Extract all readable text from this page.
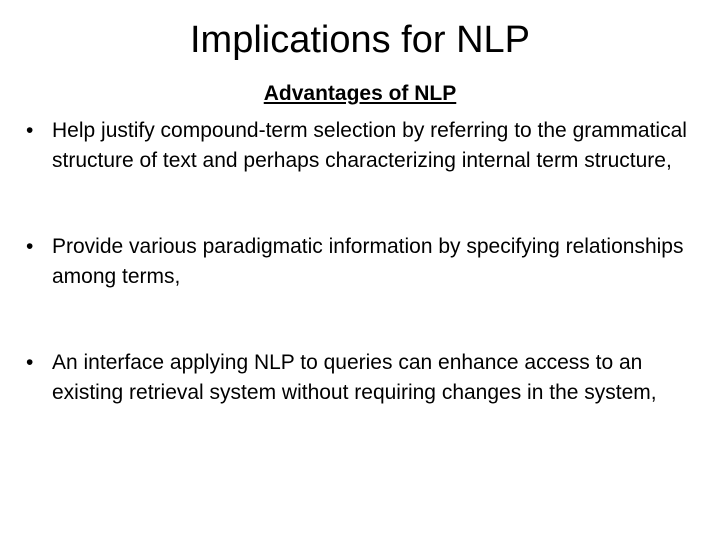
Implications for NLP

Advantages of NLP

• Help justify compound-term selection by referring to the grammatical structure of text and perhaps characterizing internal term structure,
• Provide various paradigmatic information by specifying relationships among terms,
• An interface applying NLP to queries can enhance access to an existing retrieval system without requiring changes in the system,
